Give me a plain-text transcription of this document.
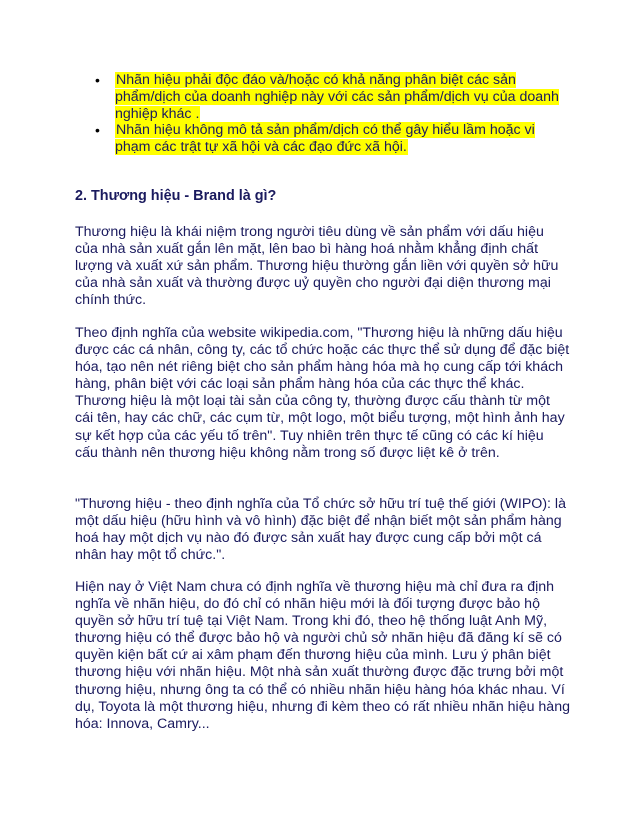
• Nhãn hiệu phải độc đáo và/hoặc có khả năng phân biệt các sản phẩm/dịch của doanh nghiệp này với các sản phẩm/dịch vụ của doanh nghiệp khác .
• Nhãn hiệu không mô tả sản phẩm/dịch có thể gây hiểu lầm hoặc vi phạm các trật tự xã hội và các đạo đức xã hội.
2. Thương hiệu - Brand là gì?

Thương hiệu là khái niệm trong người tiêu dùng về sản phẩm với dấu hiệu của nhà sản xuất gắn lên mặt, lên bao bì hàng hoá nhằm khẳng định chất lượng và xuất xứ sản phẩm. Thương hiệu thường gắn liền với quyền sở hữu của nhà sản xuất và thường được uỷ quyền cho người đại diện thương mại chính thức.

Theo định nghĩa của website wikipedia.com, "Thương hiệu là những dấu hiệu được các cá nhân, công ty, các tổ chức hoặc các thực thể sử dụng để đặc biệt hóa, tạo nên nét riêng biệt cho sản phẩm hàng hóa mà họ cung cấp tới khách hàng, phân biệt với các loại sản phẩm hàng hóa của các thực thể khác. Thương hiệu là một loại tài sản của công ty, thường được cấu thành từ một cái tên, hay các chữ, các cụm từ, một logo, một biểu tượng, một hình ảnh hay sự kết hợp của các yếu tố trên". Tuy nhiên trên thực tế cũng có các kí hiệu cấu thành nên thương hiệu không nằm trong số được liệt kê ở trên.

"Thương hiệu - theo định nghĩa của Tổ chức sở hữu trí tuệ thế giới (WIPO): là một dấu hiệu (hữu hình và vô hình) đặc biệt để nhận biết một sản phẩm hàng hoá hay một dịch vụ nào đó được sản xuất hay được cung cấp bởi một cá nhân hay một tổ chức.".

Hiện nay ở Việt Nam chưa có định nghĩa về thương hiệu mà chỉ đưa ra định nghĩa về nhãn hiệu, do đó chỉ có nhãn hiệu mới là đối tượng được bảo hộ quyền sở hữu trí tuệ tại Việt Nam. Trong khi đó, theo hệ thống luật Anh Mỹ, thương hiệu có thể được bảo hộ và người chủ sở nhãn hiệu đã đăng kí sẽ có quyền kiện bất cứ ai xâm phạm đến thương hiệu của mình. Lưu ý phân biệt thương hiệu với nhãn hiệu. Một nhà sản xuất thường được đặc trưng bởi một thương hiệu, nhưng ông ta có thể có nhiều nhãn hiệu hàng hóa khác nhau. Ví dụ, Toyota là một thương hiệu, nhưng đi kèm theo có rất nhiều nhãn hiệu hàng hóa: Innova, Camry...
